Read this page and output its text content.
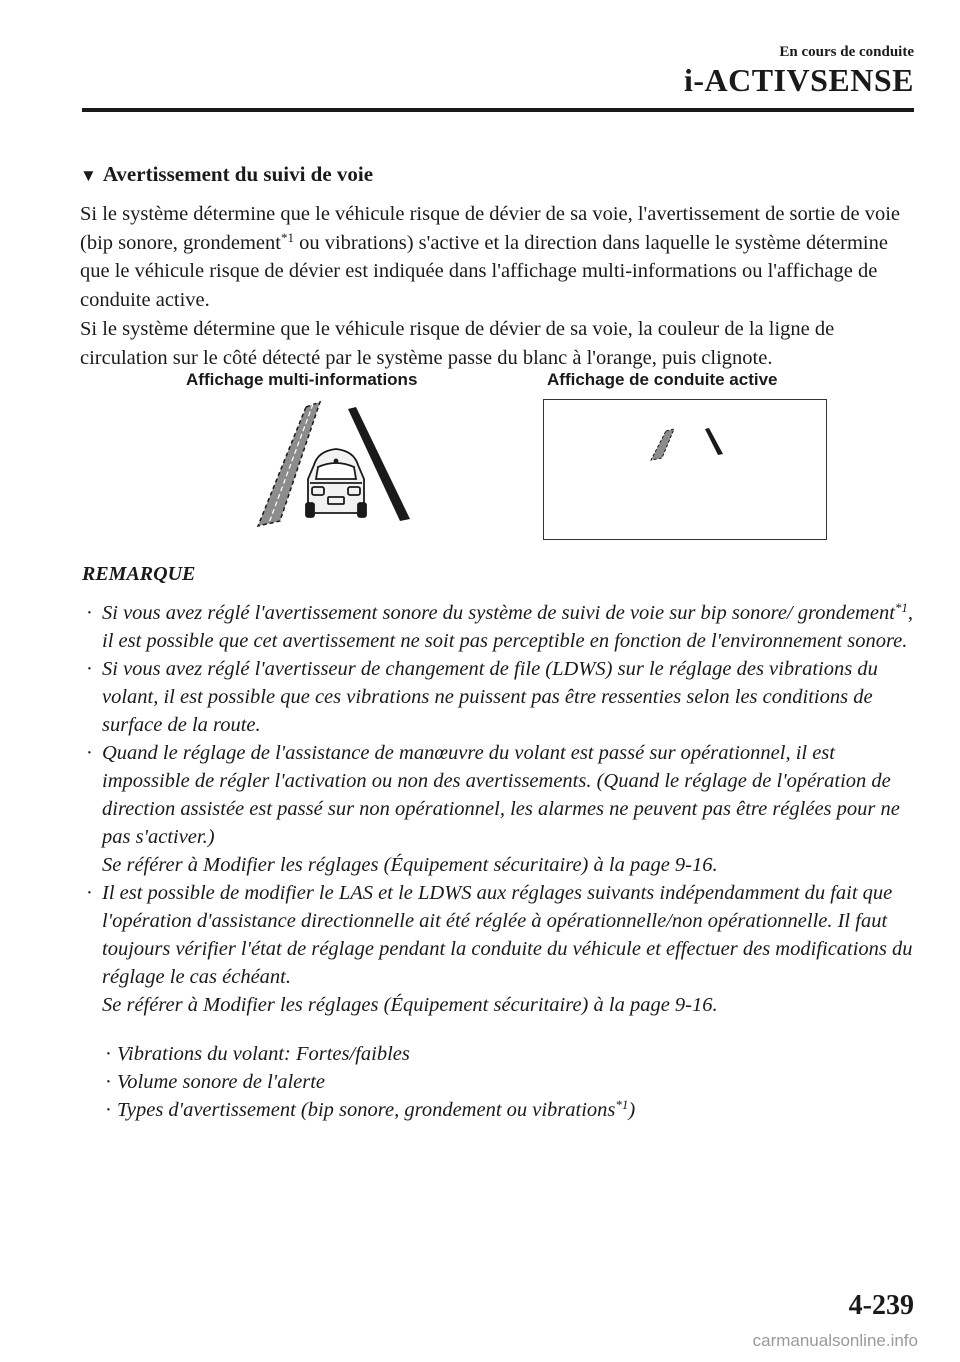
En cours de conduite
i-ACTIVSENSE
▼ Avertissement du suivi de voie

Si le système détermine que le véhicule risque de dévier de sa voie, l'avertissement de sortie de voie (bip sonore, grondement$^{*1}$ ou vibrations) s'active et la direction dans laquelle le système détermine que le véhicule risque de dévier est indiquée dans l'affichage multi-informations ou l'affichage de conduite active.

Si le système détermine que le véhicule risque de dévier de sa voie, la couleur de la ligne de circulation sur le côté détecté par le système passe du blanc à l'orange, puis clignote.

Affichage multi-informations	Affichage de conduite active
REMARQUE
· Si vous avez réglé l'avertissement sonore du système de suivi de voie sur bip sonore/ grondement$^{*1}$, il est possible que cet avertissement ne soit pas perceptible en fonction de l'environnement sonore.
· Si vous avez réglé l'avertisseur de changement de file (LDWS) sur le réglage des vibrations du volant, il est possible que ces vibrations ne puissent pas être ressenties selon les conditions de surface de la route.
· Quand le réglage de l'assistance de manœuvre du volant est passé sur opérationnel, il est impossible de régler l'activation ou non des avertissements. (Quand le réglage de l'opération de direction assistée est passé sur non opérationnel, les alarmes ne peuvent pas être réglées pour ne pas s'activer.)
Se référer à Modifier les réglages (Équipement sécuritaire) à la page 9-16.
· Il est possible de modifier le LAS et le LDWS aux réglages suivants indépendamment du fait que l'opération d'assistance directionnelle ait été réglée à opérationnelle/non opérationnelle. Il faut toujours vérifier l'état de réglage pendant la conduite du véhicule et effectuer des modifications du réglage le cas échéant.
Se référer à Modifier les réglages (Équipement sécuritaire) à la page 9-16.
· Vibrations du volant: Fortes/faibles
· Volume sonore de l'alerte
· Types d'avertissement (bip sonore, grondement ou vibrations$^{*1}$)
4-239
carmanualsonline.info
